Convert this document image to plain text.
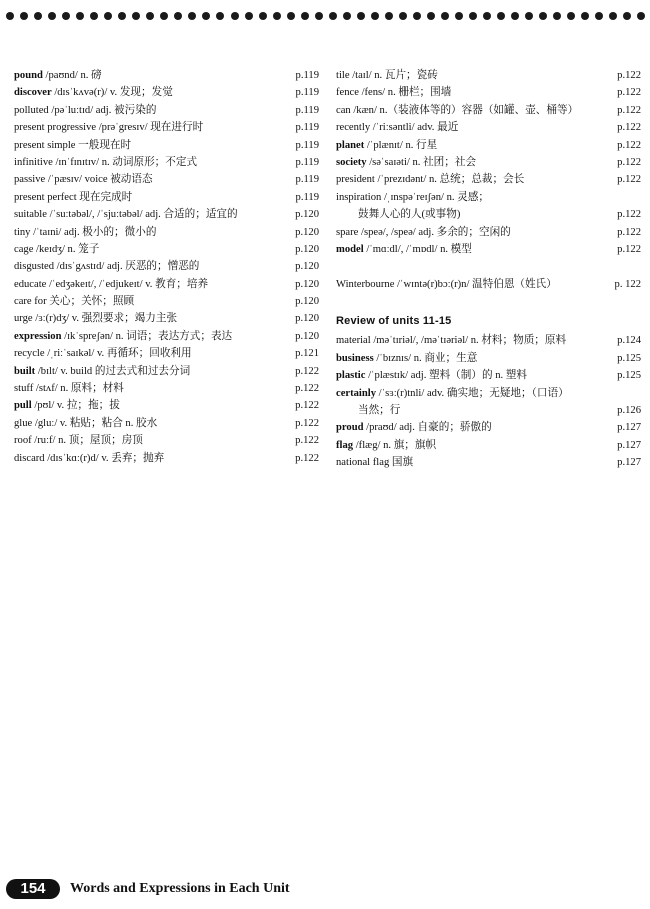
pound /paʊnd/ n. 磅	p.119
discover /dɪsˈkʌvə(r)/ v. 发现；发觉	p.119
polluted /pəˈluːtɪd/ adj. 被污染的	p.119
present progressive /prəˈgresɪv/ 现在进行时	p.119
present simple 一般现在时	p.119
infinitive /ɪnˈfɪnɪtɪv/ n. 动词原形；不定式	p.119
passive /ˈpæsɪv/ voice 被动语态	p.119
present perfect 现在完成时	p.119
suitable /ˈsuːtəbəl/, /ˈsjuːtəbəl/ adj. 合适的；适宜的	p.120
tiny /ˈtaɪni/ adj. 极小的；微小的	p.120
cage /keɪdʒ/ n. 笼子	p.120
disgusted /dɪsˈgʌstɪd/ adj. 厌恶的；憎恶的	p.120
educate /ˈedʒəkeɪt/, /ˈedjukeɪt/ v. 教育；培养	p.120
care for 关心；关怀；照顾	p.120
urge /ɜː(r)dʒ/ v. 强烈要求；竭力主张	p.120
expression /ɪkˈspreʃən/ n. 词语；表达方式；表达	p.120
recycle /ˌriːˈsaɪkəl/ v. 再循环；回收利用	p.121
built /bɪlt/ v. build 的过去式和过去分词	p.122
stuff /stʌf/ n. 原料；材料	p.122
pull /pʊl/ v. 拉；拖；拔	p.122
glue /gluː/ v. 粘贴；粘合 n. 胶水	p.122
roof /ruːf/ n. 顶；屋顶；房顶	p.122
discard /dɪsˈkɑː(r)d/ v. 丢弃；抛弃	p.122
tile /taɪl/ n. 瓦片；瓷砖	p.122
fence /fens/ n. 栅栏；围墙	p.122
can /kæn/ n.（装液体等的）容器（如罐、壶、桶等）	p.122
recently /ˈriːsəntli/ adv. 最近	p.122
planet /ˈplænɪt/ n. 行星	p.122
society /səˈsaɪəti/ n. 社团；社会	p.122
president /ˈprezɪdənt/ n. 总统；总裁；会长	p.122
inspiration /ˌɪnspəˈreɪʃən/ n. 灵感；
鼓舞人心的人(或事物)	p.122
spare /speə/, /speə/ adj. 多余的；空闲的	p.122
model /ˈmɑːdl/, /ˈmɒdl/ n. 模型	p.122
Winterbourne /ˈwɪntə(r)bɔː(r)n/ 温特伯恩（姓氏）	p. 122
Review of units 11-15
material /məˈtɪriəl/, /məˈtɪəriəl/ n. 材料；物质；原料	p.124
business /ˈbɪznɪs/ n. 商业；生意	p.125
plastic /ˈplæstɪk/ adj. 塑料（制）的 n. 塑料	p.125
certainly /ˈsɜː(r)tnli/ adv. 确实地；无疑地；（口语）
当然；行	p.126
proud /praʊd/ adj. 自豪的；骄傲的	p.127
flag /flæg/ n. 旗；旗帜	p.127
national flag 国旗	p.127
154	Words and Expressions in Each Unit
